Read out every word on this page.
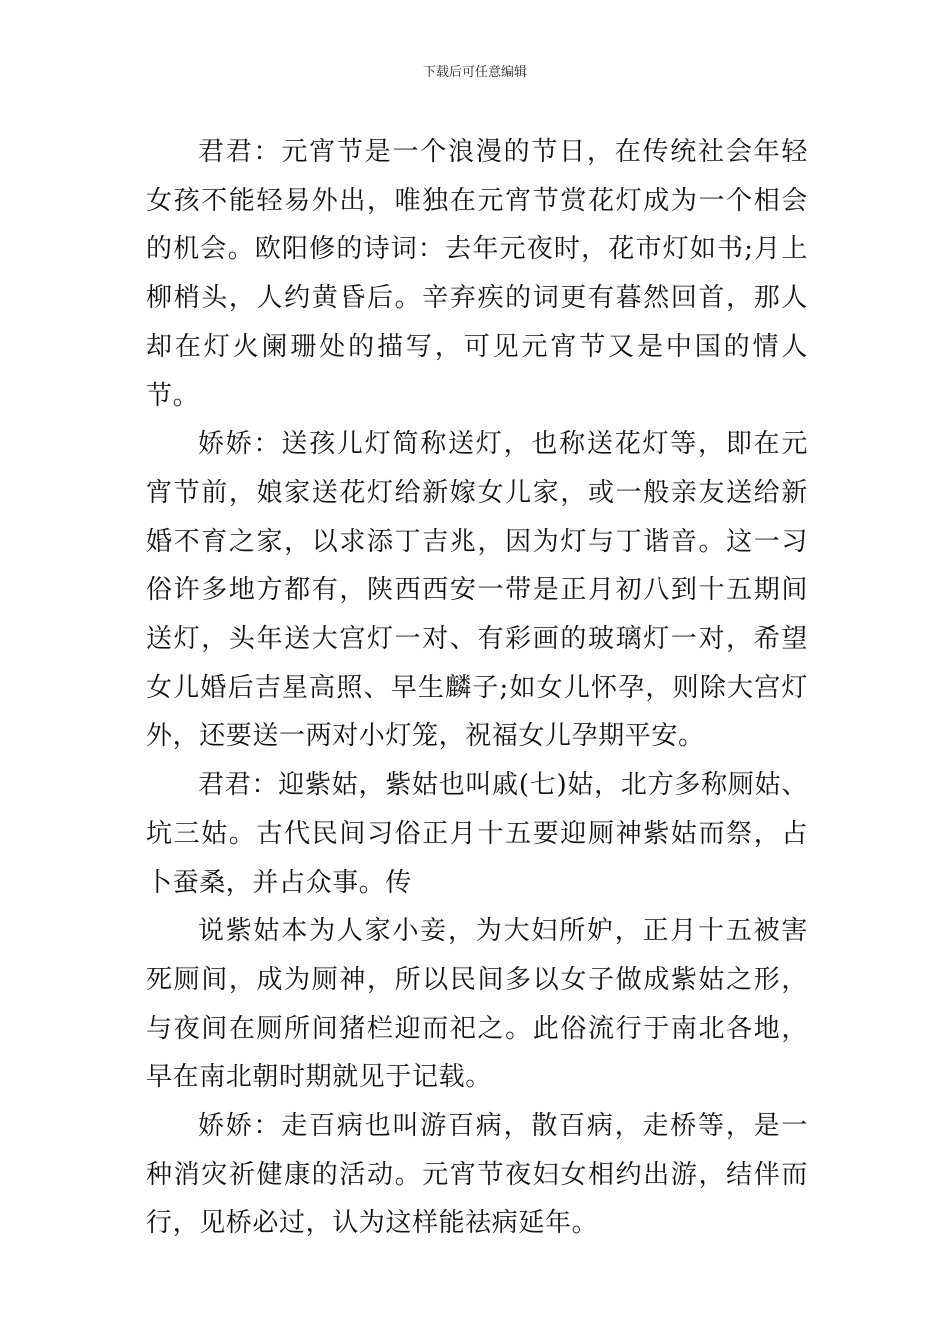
下载后可任意编辑

君君：元宵节是一个浪漫的节日，在传统社会年轻女孩不能轻易外出，唯独在元宵节赏花灯成为一个相会的机会。欧阳修的诗词：去年元夜时，花市灯如书;月上柳梢头，人约黄昏后。辛弃疾的词更有暮然回首，那人却在灯火阑珊处的描写，可见元宵节又是中国的情人节。

娇娇：送孩儿灯简称送灯，也称送花灯等，即在元宵节前，娘家送花灯给新嫁女儿家，或一般亲友送给新婚不育之家，以求添丁吉兆，因为灯与丁谐音。这一习俗许多地方都有，陕西西安一带是正月初八到十五期间送灯，头年送大宫灯一对、有彩画的玻璃灯一对，希望女儿婚后吉星高照、早生麟子;如女儿怀孕，则除大宫灯外，还要送一两对小灯笼，祝福女儿孕期平安。

君君：迎紫姑，紫姑也叫戚(七)姑，北方多称厕姑、坑三姑。古代民间习俗正月十五要迎厕神紫姑而祭，占卜蚕桑，并占众事。传

说紫姑本为人家小妾，为大妇所妒，正月十五被害死厕间，成为厕神，所以民间多以女子做成紫姑之形，与夜间在厕所间猪栏迎而祀之。此俗流行于南北各地，早在南北朝时期就见于记载。

娇娇：走百病也叫游百病，散百病，走桥等，是一种消灾祈健康的活动。元宵节夜妇女相约出游，结伴而行，见桥必过，认为这样能祛病延年。
